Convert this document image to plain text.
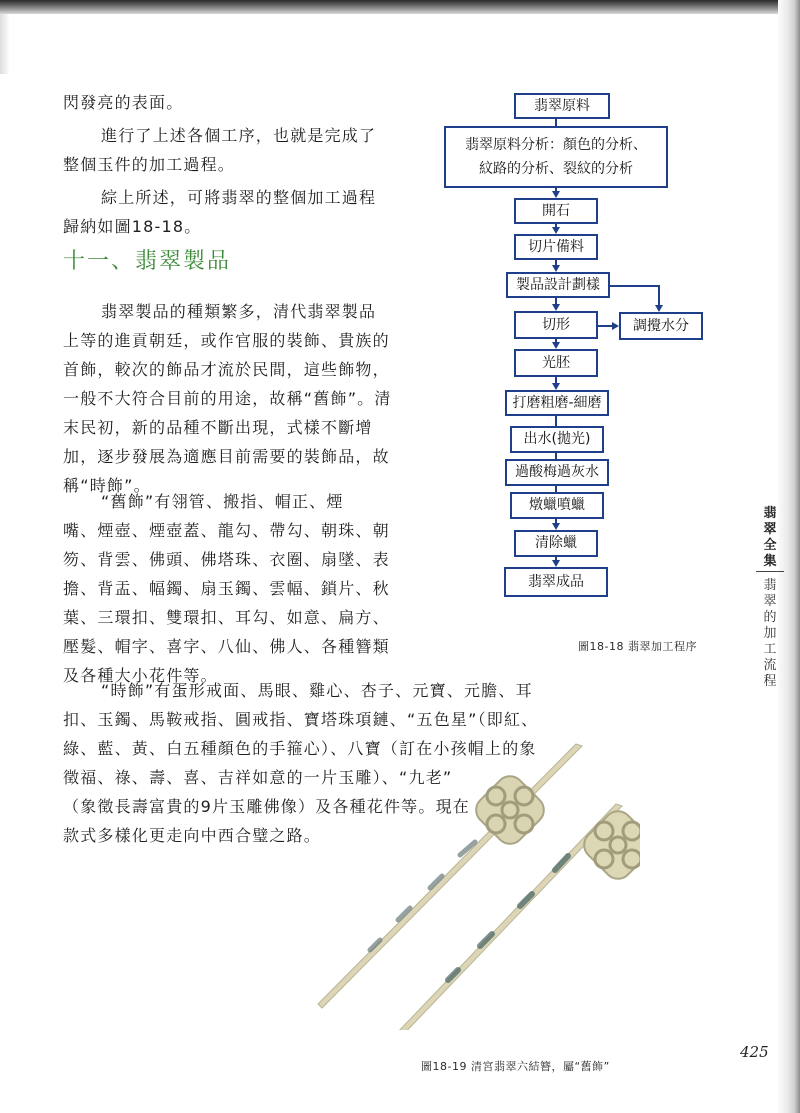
閃發亮的表面。
進行了上述各個工序，也就是完成了
整個玉件的加工過程。
綜上所述，可將翡翠的整個加工過程
歸納如圖18-18。
十一、翡翠製品
翡翠製品的種類繁多，清代翡翠製品
上等的進貢朝廷，或作官服的裝飾、貴族的
首飾，較次的飾品才流於民間，這些飾物，
一般不大符合目前的用途，故稱“舊飾”。清
末民初，新的品種不斷出現，式樣不斷增
加，逐步發展為適應目前需要的裝飾品，故
稱“時飾”。
“舊飾”有翎管、搬指、帽正、煙
嘴、煙壺、煙壺蓋、龍勾、帶勾、朝珠、朝
笏、背雲、佛頭、佛塔珠、衣圈、扇墜、表
擔、背盂、幅鐲、扇玉鐲、雲幅、鎖片、秋
葉、三環扣、雙環扣、耳勾、如意、扁方、
壓髮、帽字、喜字、八仙、佛人、各種簪類
及各種大小花件等。
“時飾”有蛋形戒面、馬眼、雞心、杏子、元寶、元膽、耳
扣、玉鐲、馬鞍戒指、圓戒指、寶塔珠項鏈、“五色星”（即紅、
綠、藍、黃、白五種顏色的手箍心）、八寶（訂在小孩帽上的象
徵福、祿、壽、喜、吉祥如意的一片玉雕）、“九老”
（象徵長壽富貴的9片玉雕佛像）及各種花件等。現在
款式多樣化更走向中西合璧之路。
翡翠原料
翡翠原料分析：顏色的分析、
紋路的分析、裂紋的分析
開石
切片備料
製品設計劃樣
切形	調攪水分
光胚
打磨粗磨-細磨
出水(拋光)
過酸梅過灰水
燉蠟噴蠟
清除蠟
翡翠成品
圖18-18 翡翠加工程序
翡翠全集
翡翠的加工流程
圖18-19 清宮翡翠六結簪，屬“舊飾”
425
